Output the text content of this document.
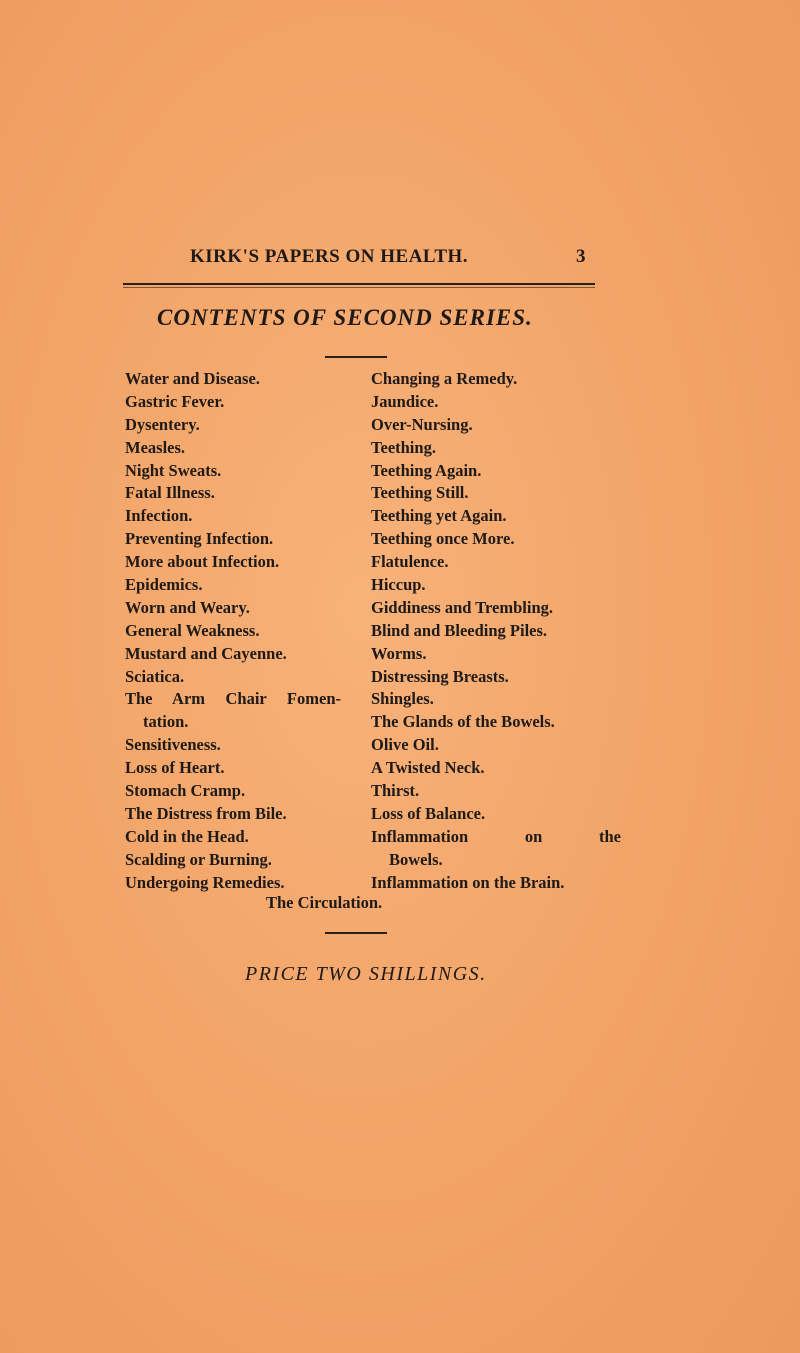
KIRK'S PAPERS ON HEALTH.	3
CONTENTS OF SECOND SERIES.
Water and Disease.
Gastric Fever.
Dysentery.
Measles.
Night Sweats.
Fatal Illness.
Infection.
Preventing Infection.
More about Infection.
Epidemics.
Worn and Weary.
General Weakness.
Mustard and Cayenne.
Sciatica.
The Arm Chair Fomen-
tation.
Sensitiveness.
Loss of Heart.
Stomach Cramp.
The Distress from Bile.
Cold in the Head.
Scalding or Burning.
Undergoing Remedies.
Changing a Remedy.
Jaundice.
Over-Nursing.
Teething.
Teething Again.
Teething Still.
Teething yet Again.
Teething once More.
Flatulence.
Hiccup.
Giddiness and Trembling.
Blind and Bleeding Piles.
Worms.
Distressing Breasts.
Shingles.
The Glands of the Bowels.
Olive Oil.
A Twisted Neck.
Thirst.
Loss of Balance.
Inflammation on the
Bowels.
Inflammation on the Brain.
The Circulation.
PRICE TWO SHILLINGS.
